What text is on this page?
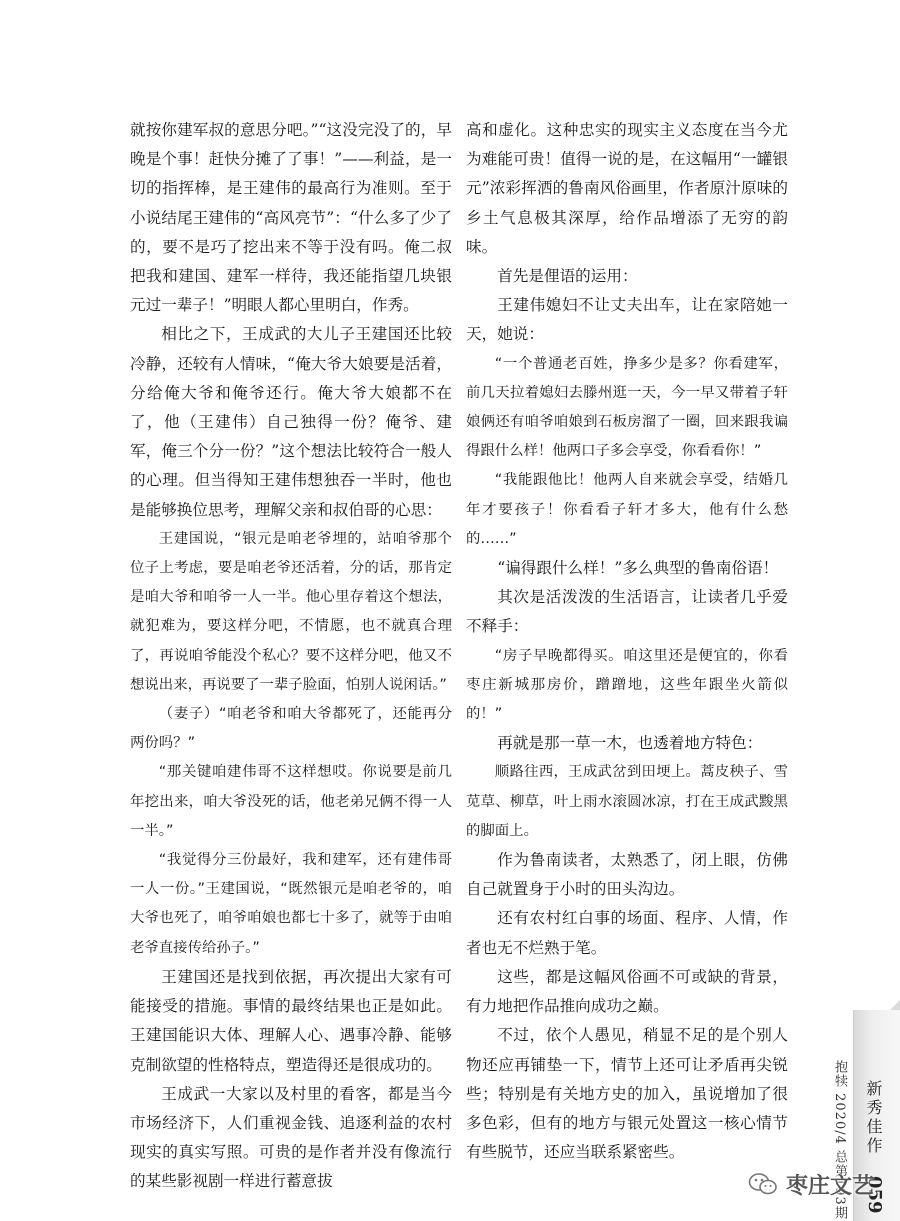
就按你建军叔的意思分吧。”“这没完没了的，早晚是个事！赶快分摊了了事！”——利益，是一切的指挥棒，是王建伟的最高行为准则。至于小说结尾王建伟的“高风亮节”：“什么多了少了的，要不是巧了挖出来不等于没有吗。俺二叔把我和建国、建军一样待，我还能指望几块银元过一辈子！”明眼人都心里明白，作秀。

相比之下，王成武的大儿子王建国还比较冷静，还较有人情味，“俺大爷大娘要是活着，分给俺大爷和俺爷还行。俺大爷大娘都不在了，他（王建伟）自己独得一份？俺爷、建军，俺三个分一份？”这个想法比较符合一般人的心理。但当得知王建伟想独吞一半时，他也是能够换位思考，理解父亲和叔伯哥的心思：

王建国说，“银元是咱老爷埋的，站咱爷那个位子上考虑，要是咱老爷还活着，分的话，那肯定是咱大爷和咱爷一人一半。他心里存着这个想法，就犯难为，要这样分吧，不情愿，也不就真合理了，再说咱爷能没个私心？要不这样分吧，他又不想说出来，再说要了一辈子脸面，怕别人说闲话。”

（妻子）“咱老爷和咱大爷都死了，还能再分两份吗？”

“那关键咱建伟哥不这样想哎。你说要是前几年挖出来，咱大爷没死的话，他老弟兄俩不得一人一半。”

“我觉得分三份最好，我和建军，还有建伟哥一人一份。”王建国说，“既然银元是咱老爷的，咱大爷也死了，咱爷咱娘也都七十多了，就等于由咱老爷直接传给孙子。”

王建国还是找到依据，再次提出大家有可能接受的措施。事情的最终结果也正是如此。王建国能识大体、理解人心、遇事冷静、能够克制欲望的性格特点，塑造得还是很成功的。

王成武一大家以及村里的看客，都是当今市场经济下，人们重视金钱、追逐利益的农村现实的真实写照。可贵的是作者并没有像流行的某些影视剧一样进行蓄意拔

高和虚化。这种忠实的现实主义态度在当今尤为难能可贵！值得一说的是，在这幅用“一罐银元”浓彩挥洒的鲁南风俗画里，作者原汁原味的乡土气息极其深厚，给作品增添了无穷的韵味。

首先是俚语的运用：

王建伟媳妇不让丈夫出车，让在家陪她一天，她说：

“一个普通老百姓，挣多少是多？你看建军，前几天拉着媳妇去滕州逛一天，今一早又带着子轩娘俩还有咱爷咱娘到石板房溜了一圈，回来跟我谝得跟什么样！他两口子多会享受，你看看你！”

“我能跟他比！他两人自来就会享受，结婚几年才要孩子！你看看子轩才多大，他有什么愁的……”

“谝得跟什么样！”多么典型的鲁南俗语！

其次是活泼泼的生活语言，让读者几乎爱不释手：

“房子早晚都得买。咱这里还是便宜的，你看枣庄新城那房价，蹭蹭地，这些年跟坐火箭似的！”

再就是那一草一木，也透着地方特色：

顺路往西，王成武岔到田埂上。蒿皮秧子、雪苋草、柳草，叶上雨水滚圆冰凉，打在王成武黢黑的脚面上。

作为鲁南读者，太熟悉了，闭上眼，仿佛自己就置身于小时的田头沟边。

还有农村红白事的场面、程序、人情，作者也无不烂熟于笔。

这些，都是这幅风俗画不可或缺的背景，有力地把作品推向成功之巅。

不过，依个人愚见，稍显不足的是个别人物还应再铺垫一下，情节上还可让矛盾再尖锐些；特别是有关地方史的加入，虽说增加了很多色彩，但有的地方与银元处置这一核心情节有些脱节，还应当联系紧密些。	抱犊 2020/4 总第193期 新秀佳作
059
枣庄文艺
